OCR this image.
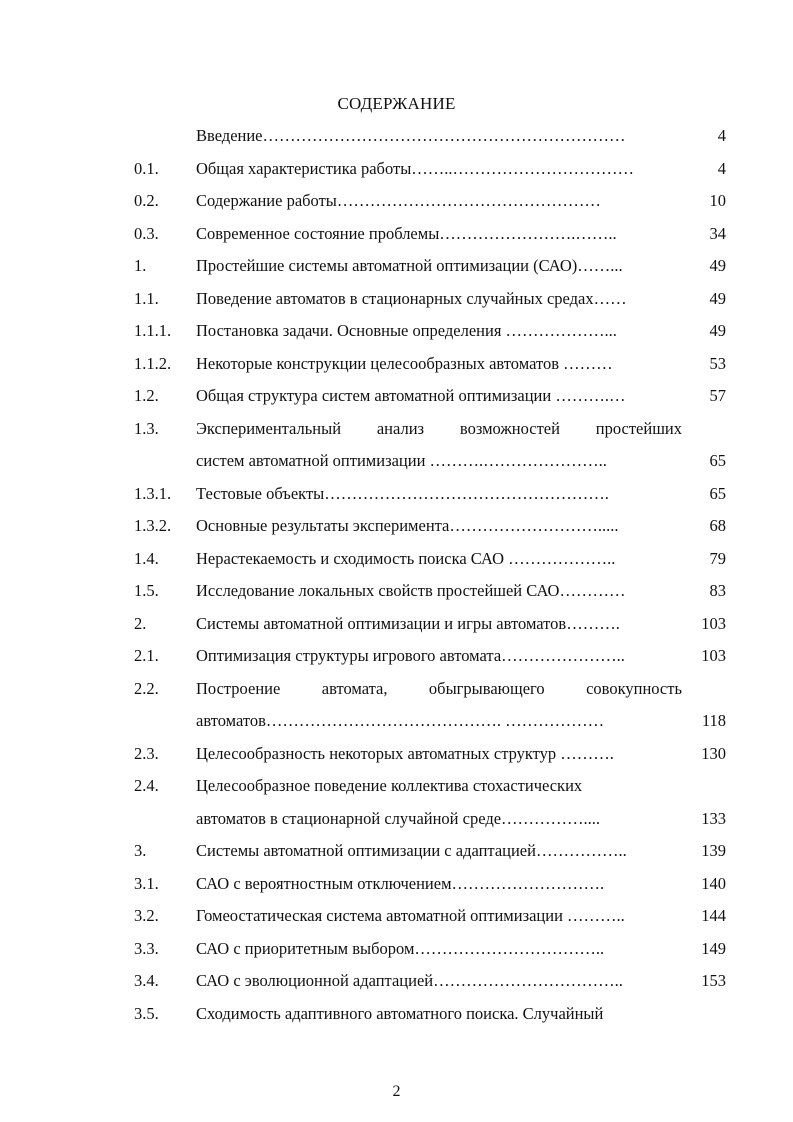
СОДЕРЖАНИЕ
Введение…………………………………………………………	4
0.1. Общая характеристика работы……..……………………………	4
0.2. Содержание работы…………………………………………	10
0.3. Современное состояние проблемы…………………….……..	34
1.	Простейшие системы автоматной оптимизации (САО)……...	49
1.1. Поведение автоматов в стационарных случайных средах……	49
1.1.1. Постановка задачи. Основные определения ………………...	49
1.1.2. Некоторые конструкции целесообразных автоматов ………	53
1.2. Общая структура систем автоматной оптимизации ……….…	57
1.3. Экспериментальный анализ возможностей простейших
систем автоматной оптимизации ……….…………………..	65
1.3.1. Тестовые объекты…………………………………………….	65
1.3.2. Основные результаты эксперимента……………………….....	68
1.4. Нерастекаемость и сходимость поиска САО ………………..	79
1.5. Исследование локальных свойств простейшей САО…………	83
2.	Системы автоматной оптимизации и игры автоматов……….	103
2.1. Оптимизация структуры игрового автомата…………………..	103
2.2. Построение автомата, обыгрывающего совокупность
автоматов……………………………………. ………………	118
2.3. Целесообразность некоторых автоматных структур ……….	130
2.4. Целесообразное поведение коллектива стохастических
автоматов в стационарной случайной среде……………....	133
3.	Системы автоматной оптимизации с адаптацией……………..	139
3.1. САО с вероятностным отключением……………………….	140
3.2. Гомеостатическая система автоматной оптимизации ………..	144
3.3. САО с приоритетным выбором……………………………..	149
3.4. САО с эволюционной адаптацией……………………………..	153
3.5. Сходимость адаптивного автоматного поиска. Случайный
2
